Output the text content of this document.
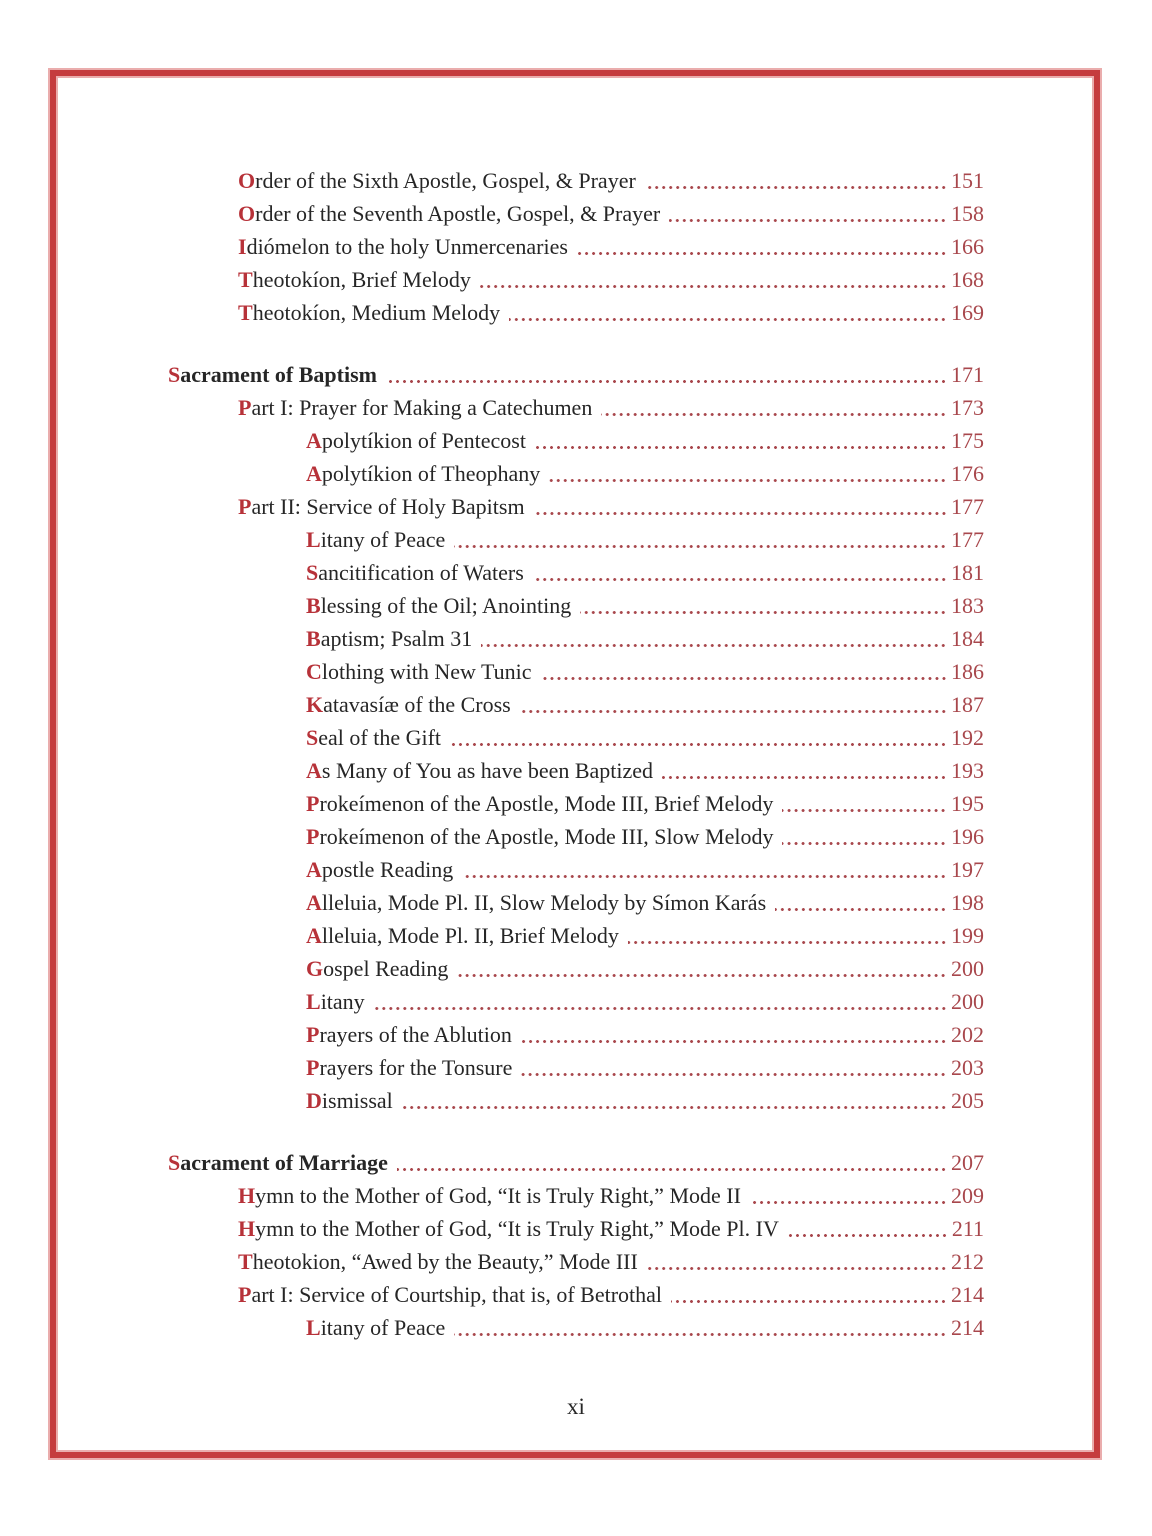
Order of the Sixth Apostle, Gospel, & Prayer	151
Order of the Seventh Apostle, Gospel, & Prayer	158
Idiómelon to the holy Unmercenaries	166
Theotokíon, Brief Melody	168
Theotokíon, Medium Melody	169
Sacrament of Baptism	171
Part I: Prayer for Making a Catechumen	173
Apolytíkion of Pentecost	175
Apolytíkion of Theophany	176
Part II: Service of Holy Bapitsm	177
Litany of Peace	177
Sancitification of Waters	181
Blessing of the Oil; Anointing	183
Baptism; Psalm 31	184
Clothing with New Tunic	186
Katavasíæ of the Cross	187
Seal of the Gift	192
As Many of You as have been Baptized	193
Prokeímenon of the Apostle, Mode III, Brief Melody	195
Prokeímenon of the Apostle, Mode III, Slow Melody	196
Apostle Reading	197
Alleluia, Mode Pl. II, Slow Melody by Símon Karás	198
Alleluia, Mode Pl. II, Brief Melody	199
Gospel Reading	200
Litany	200
Prayers of the Ablution	202
Prayers for the Tonsure	203
Dismissal	205
Sacrament of Marriage	207
Hymn to the Mother of God, “It is Truly Right,” Mode II	209
Hymn to the Mother of God, “It is Truly Right,” Mode Pl. IV	211
Theotokion, “Awed by the Beauty,” Mode III	212
Part I: Service of Courtship, that is, of Betrothal	214
Litany of Peace	214
xi
